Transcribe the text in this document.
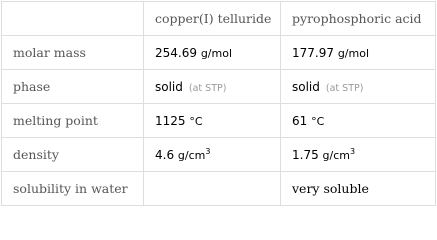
	copper(I) telluride	pyrophosphoric acid
molar mass	254.69 g/mol	177.97 g/mol
phase	solid (at STP)	solid (at STP)
melting point	1125 °C	61 °C
density	4.6 $g/cm^3$	1.75 $g/cm^3$
solubility in water		very soluble
